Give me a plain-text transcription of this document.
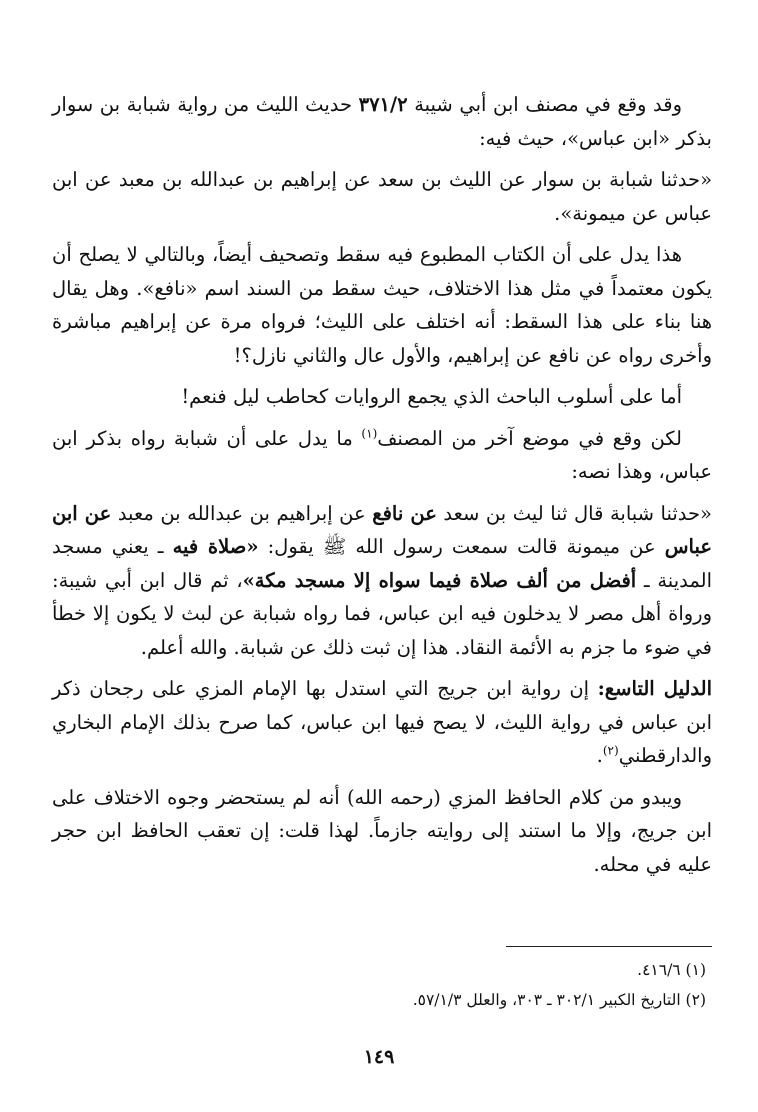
وقد وقع في مصنف ابن أبي شيبة ٣٧١/٢ حديث الليث من رواية شبابة بن سوار بذكر «ابن عباس»، حيث فيه:

«حدثنا شبابة بن سوار عن الليث بن سعد عن إبراهيم بن عبدالله بن معبد عن ابن عباس عن ميمونة».

هذا يدل على أن الكتاب المطبوع فيه سقط وتصحيف أيضاً، وبالتالي لا يصلح أن يكون معتمداً في مثل هذا الاختلاف، حيث سقط من السند اسم «نافع». وهل يقال هنا بناء على هذا السقط: أنه اختلف على الليث؛ فرواه مرة عن إبراهيم مباشرة وأخرى رواه عن نافع عن إبراهيم، والأول عال والثاني نازل؟!

أما على أسلوب الباحث الذي يجمع الروايات كحاطب ليل فنعم!

لكن وقع في موضع آخر من المصنف$^{(١)}$ ما يدل على أن شبابة رواه بذكر ابن عباس، وهذا نصه:

«حدثنا شبابة قال ثنا ليث بن سعد عن نافع عن إبراهيم بن عبدالله بن معبد عن ابن عباس عن ميمونة قالت سمعت رسول الله ﷺ يقول: «صلاة فيه ـ يعني مسجد المدينة ـ أفضل من ألف صلاة فيما سواه إلا مسجد مكة»، ثم قال ابن أبي شيبة: ورواة أهل مصر لا يدخلون فيه ابن عباس، فما رواه شبابة عن لبث لا يكون إلا خطأ في ضوء ما جزم به الأئمة النقاد. هذا إن ثبت ذلك عن شبابة. والله أعلم.

الدليل التاسع: إن رواية ابن جريج التي استدل بها الإمام المزي على رجحان ذكر ابن عباس في رواية الليث، لا يصح فيها ابن عباس، كما صرح بذلك الإمام البخاري والدارقطني$^{(٢)}$.

ويبدو من كلام الحافظ المزي (رحمه الله) أنه لم يستحضر وجوه الاختلاف على ابن جريج، وإلا ما استند إلى روايته جازماً. لهذا قلت: إن تعقب الحافظ ابن حجر عليه في محله.

(١) ٤١٦/٦.

(٢) التاريخ الكبير ٣٠٢/١ ـ ٣٠٣، والعلل ٥٧/١/٣.

١٤٩
